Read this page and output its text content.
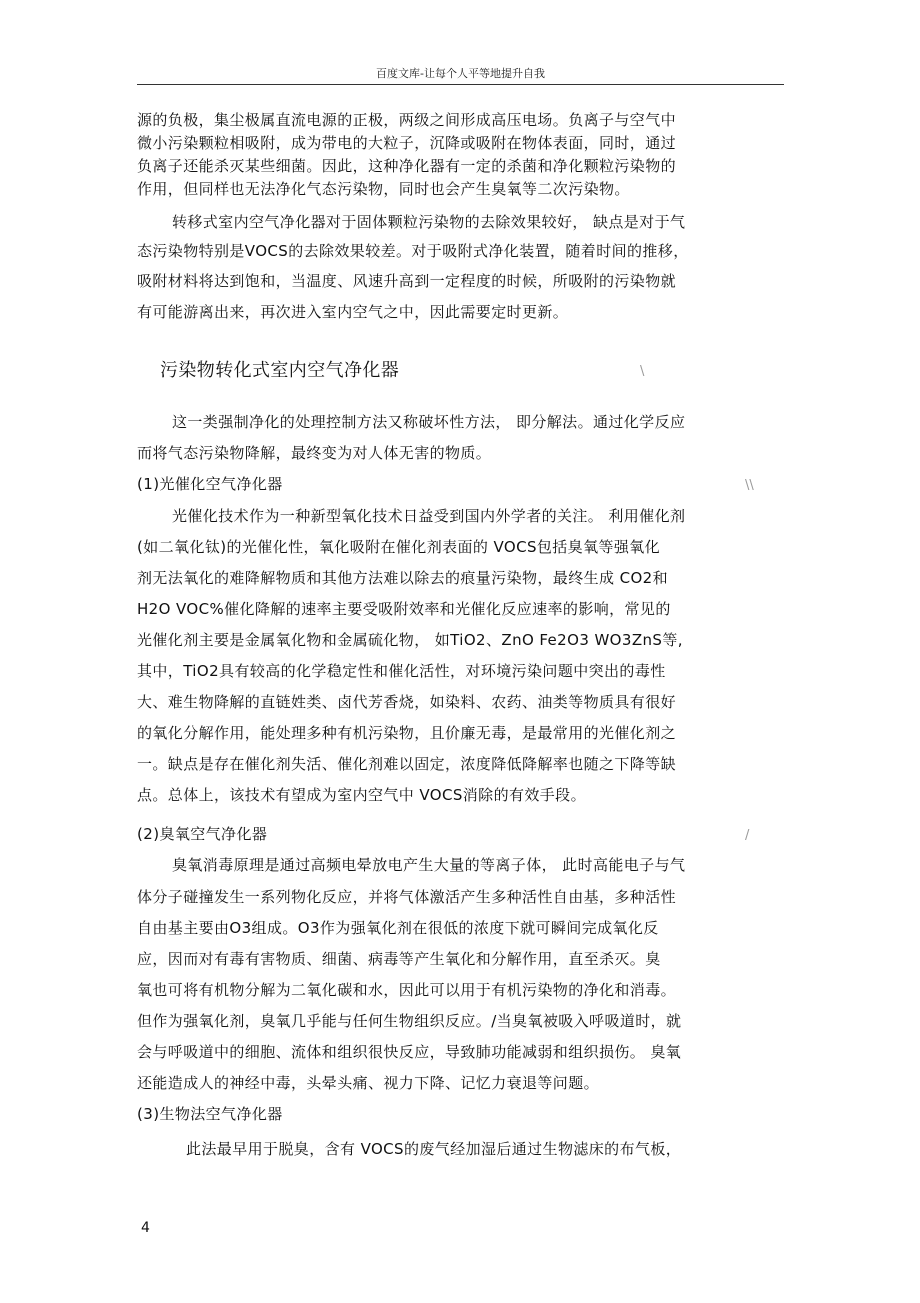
百度文库-让每个人平等地提升自我
源的负极，集尘极属直流电源的正极，两级之间形成高压电场。负离子与空气中
微小污染颗粒相吸附，成为带电的大粒子，沉降或吸附在物体表面，同时，通过
负离子还能杀灭某些细菌。因此，这种净化器有一定的杀菌和净化颗粒污染物的
作用，但同样也无法净化气态污染物，同时也会产生臭氧等二次污染物。
转移式室内空气净化器对于固体颗粒污染物的去除效果较好， 缺点是对于气
态污染物特别是VOCS的去除效果较差。对于吸附式净化装置，随着时间的推移，
吸附材料将达到饱和，当温度、风速升高到一定程度的时候，所吸附的污染物就
有可能游离出来，再次进入室内空气之中，因此需要定时更新。
污染物转化式室内空气净化器	\
这一类强制净化的处理控制方法又称破坏性方法， 即分解法。通过化学反应
而将气态污染物降解，最终变为对人体无害的物质。
(1)光催化空气净化器	\\
光催化技术作为一种新型氧化技术日益受到国内外学者的关注。 利用催化剂
(如二氧化钛)的光催化性，氧化吸附在催化剂表面的 VOCS包括臭氧等强氧化
剂无法氧化的难降解物质和其他方法难以除去的痕量污染物，最终生成 CO2和
H2O VOC%催化降解的速率主要受吸附效率和光催化反应速率的影响，常见的
光催化剂主要是金属氧化物和金属硫化物， 如TiO2、ZnO Fe2O3 WO3ZnS等,
其中，TiO2具有较高的化学稳定性和催化活性，对环境污染问题中突出的毒性
大、难生物降解的直链姓类、卤代芳香烧，如染料、农药、油类等物质具有很好
的氧化分解作用，能处理多种有机污染物，且价廉无毒，是最常用的光催化剂之
一。缺点是存在催化剂失活、催化剂难以固定，浓度降低降解率也随之下降等缺
点。总体上，该技术有望成为室内空气中 VOCS消除的有效手段。
(2)臭氧空气净化器	/
臭氧消毒原理是通过高频电晕放电产生大量的等离子体， 此时高能电子与气
体分子碰撞发生一系列物化反应，并将气体激活产生多种活性自由基，多种活性
自由基主要由O3组成。O3作为强氧化剂在很低的浓度下就可瞬间完成氧化反
应，因而对有毒有害物质、细菌、病毒等产生氧化和分解作用，直至杀灭。臭
氧也可将有机物分解为二氧化碳和水，因此可以用于有机污染物的净化和消毒。
但作为强氧化剂，臭氧几乎能与任何生物组织反应。/当臭氧被吸入呼吸道时，就
会与呼吸道中的细胞、流体和组织很快反应，导致肺功能减弱和组织损伤。 臭氧
还能造成人的神经中毒，头晕头痛、视力下降、记忆力衰退等问题。
(3)生物法空气净化器
此法最早用于脱臭，含有 VOCS的废气经加湿后通过生物滤床的布气板，
4
